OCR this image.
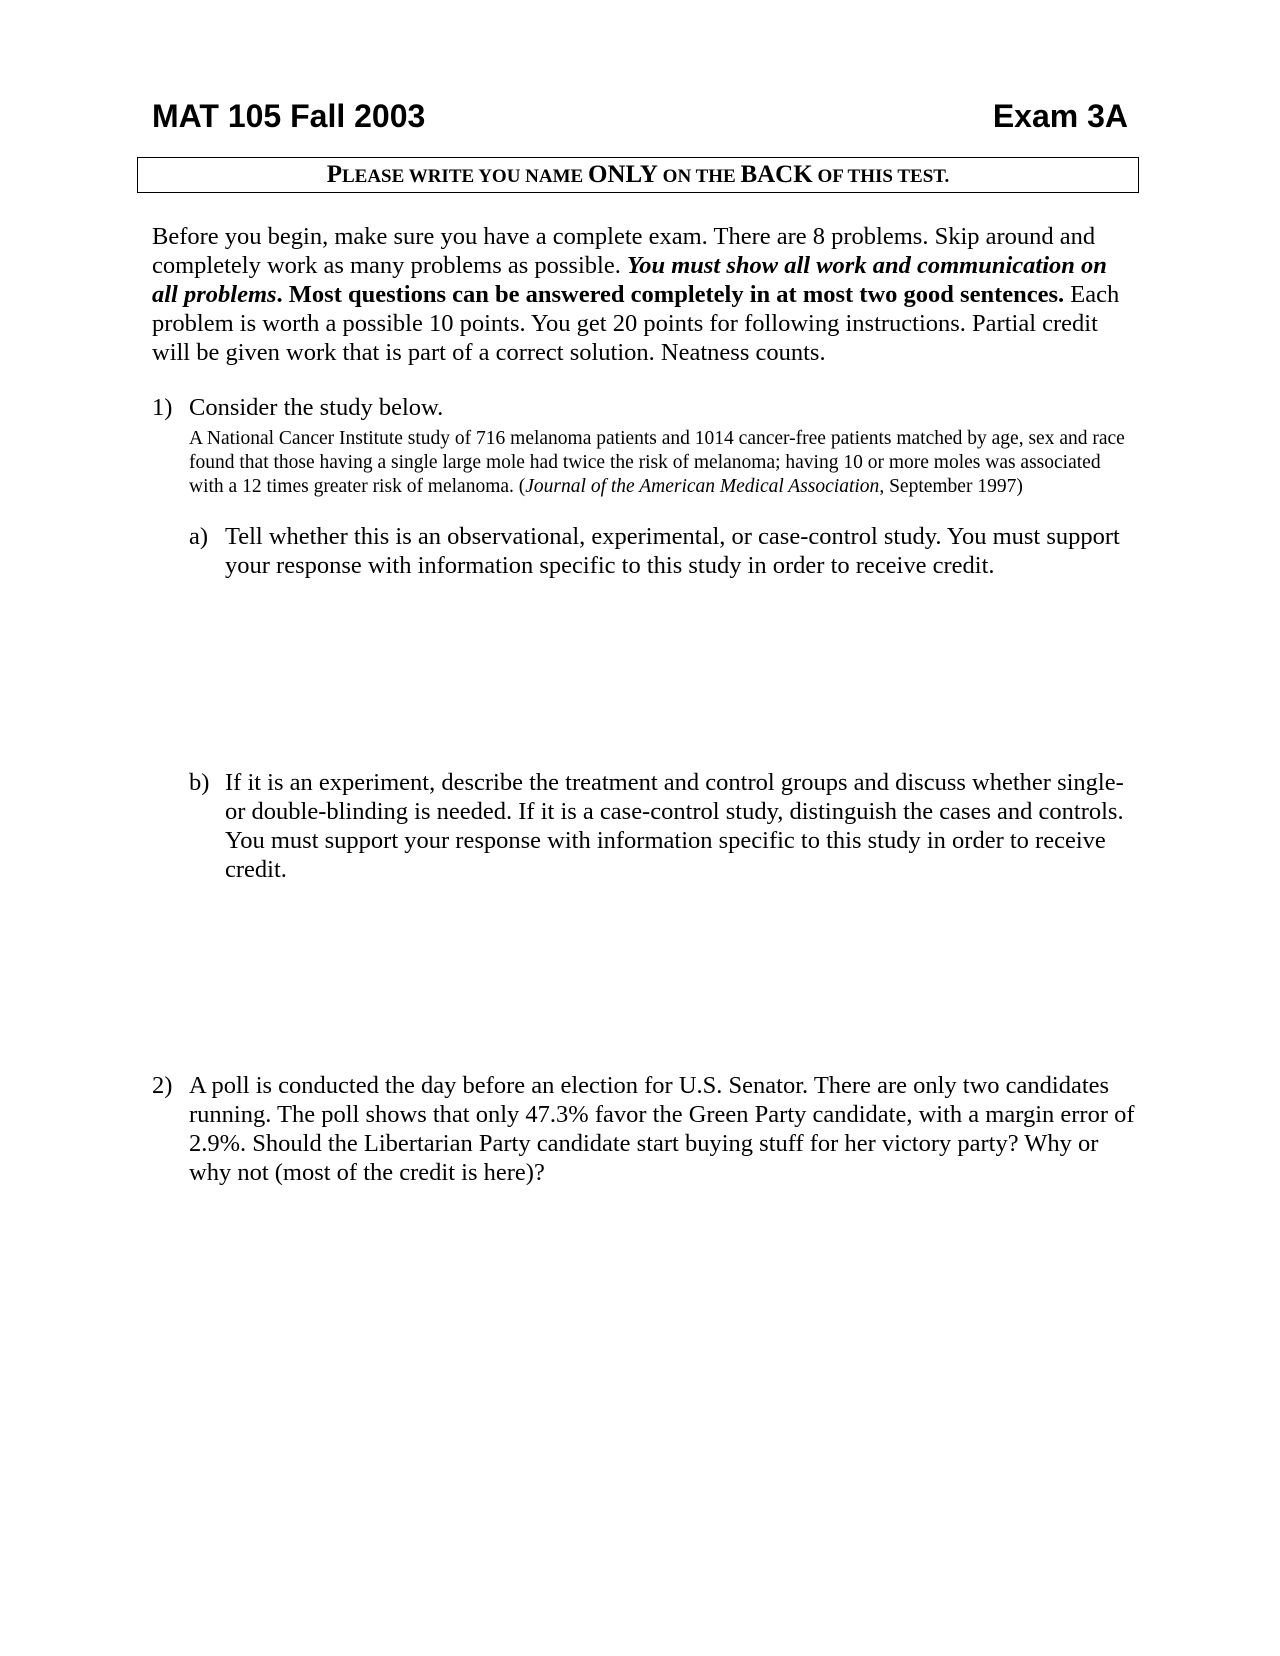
MAT 105 Fall 2003	Exam 3A
PLEASE WRITE YOU NAME ONLY ON THE BACK OF THIS TEST.
Before you begin, make sure you have a complete exam. There are 8 problems. Skip around and completely work as many problems as possible. You must show all work and communication on all problems. Most questions can be answered completely in at most two good sentences. Each problem is worth a possible 10 points. You get 20 points for following instructions. Partial credit will be given work that is part of a correct solution. Neatness counts.
1) Consider the study below.
A National Cancer Institute study of 716 melanoma patients and 1014 cancer-free patients matched by age, sex and race found that those having a single large mole had twice the risk of melanoma; having 10 or more moles was associated with a 12 times greater risk of melanoma. (Journal of the American Medical Association, September 1997)
a) Tell whether this is an observational, experimental, or case-control study. You must support your response with information specific to this study in order to receive credit.
b) If it is an experiment, describe the treatment and control groups and discuss whether single- or double-blinding is needed. If it is a case-control study, distinguish the cases and controls. You must support your response with information specific to this study in order to receive credit.
2) A poll is conducted the day before an election for U.S. Senator. There are only two candidates running. The poll shows that only 47.3% favor the Green Party candidate, with a margin error of 2.9%. Should the Libertarian Party candidate start buying stuff for her victory party? Why or why not (most of the credit is here)?
